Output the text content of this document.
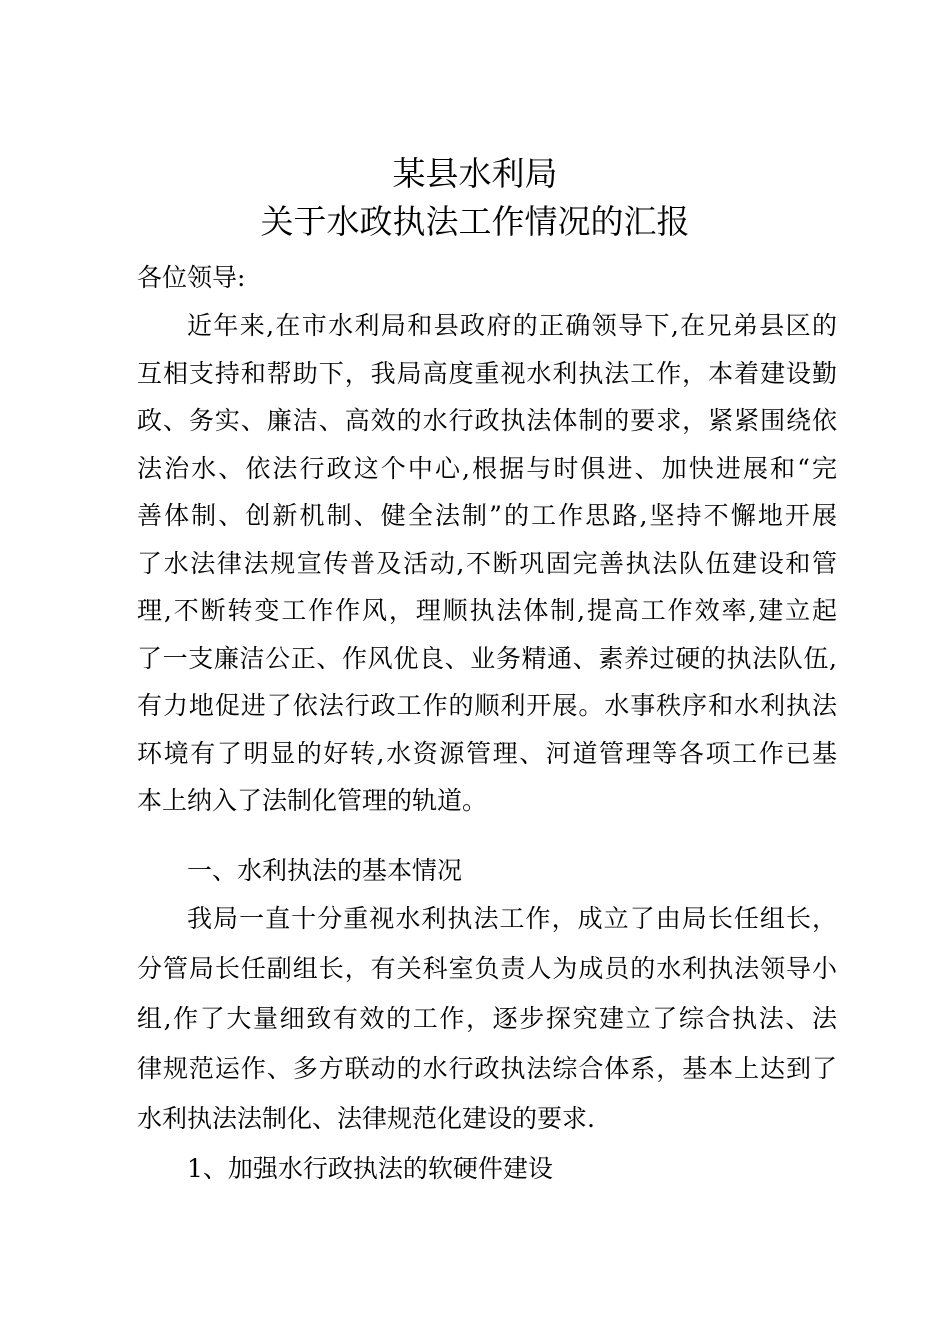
某县水利局
关于水政执法工作情况的汇报
各位领导:
近年来,在市水利局和县政府的正确领导下,在兄弟县区的
互相支持和帮助下，我局高度重视水利执法工作，本着建设勤
政、务实、廉洁、高效的水行政执法体制的要求，紧紧围绕依
法治水、依法行政这个中心,根据与时俱进、加快进展和“完
善体制、创新机制、健全法制”的工作思路,坚持不懈地开展
了水法律法规宣传普及活动,不断巩固完善执法队伍建设和管
理,不断转变工作作风，理顺执法体制,提高工作效率,建立起
了一支廉洁公正、作风优良、业务精通、素养过硬的执法队伍,
有力地促进了依法行政工作的顺利开展。水事秩序和水利执法
环境有了明显的好转,水资源管理、河道管理等各项工作已基
本上纳入了法制化管理的轨道。
一、水利执法的基本情况
我局一直十分重视水利执法工作，成立了由局长任组长，
分管局长任副组长，有关科室负责人为成员的水利执法领导小
组,作了大量细致有效的工作，逐步探究建立了综合执法、法
律规范运作、多方联动的水行政执法综合体系，基本上达到了
水利执法法制化、法律规范化建设的要求.
1、加强水行政执法的软硬件建设
